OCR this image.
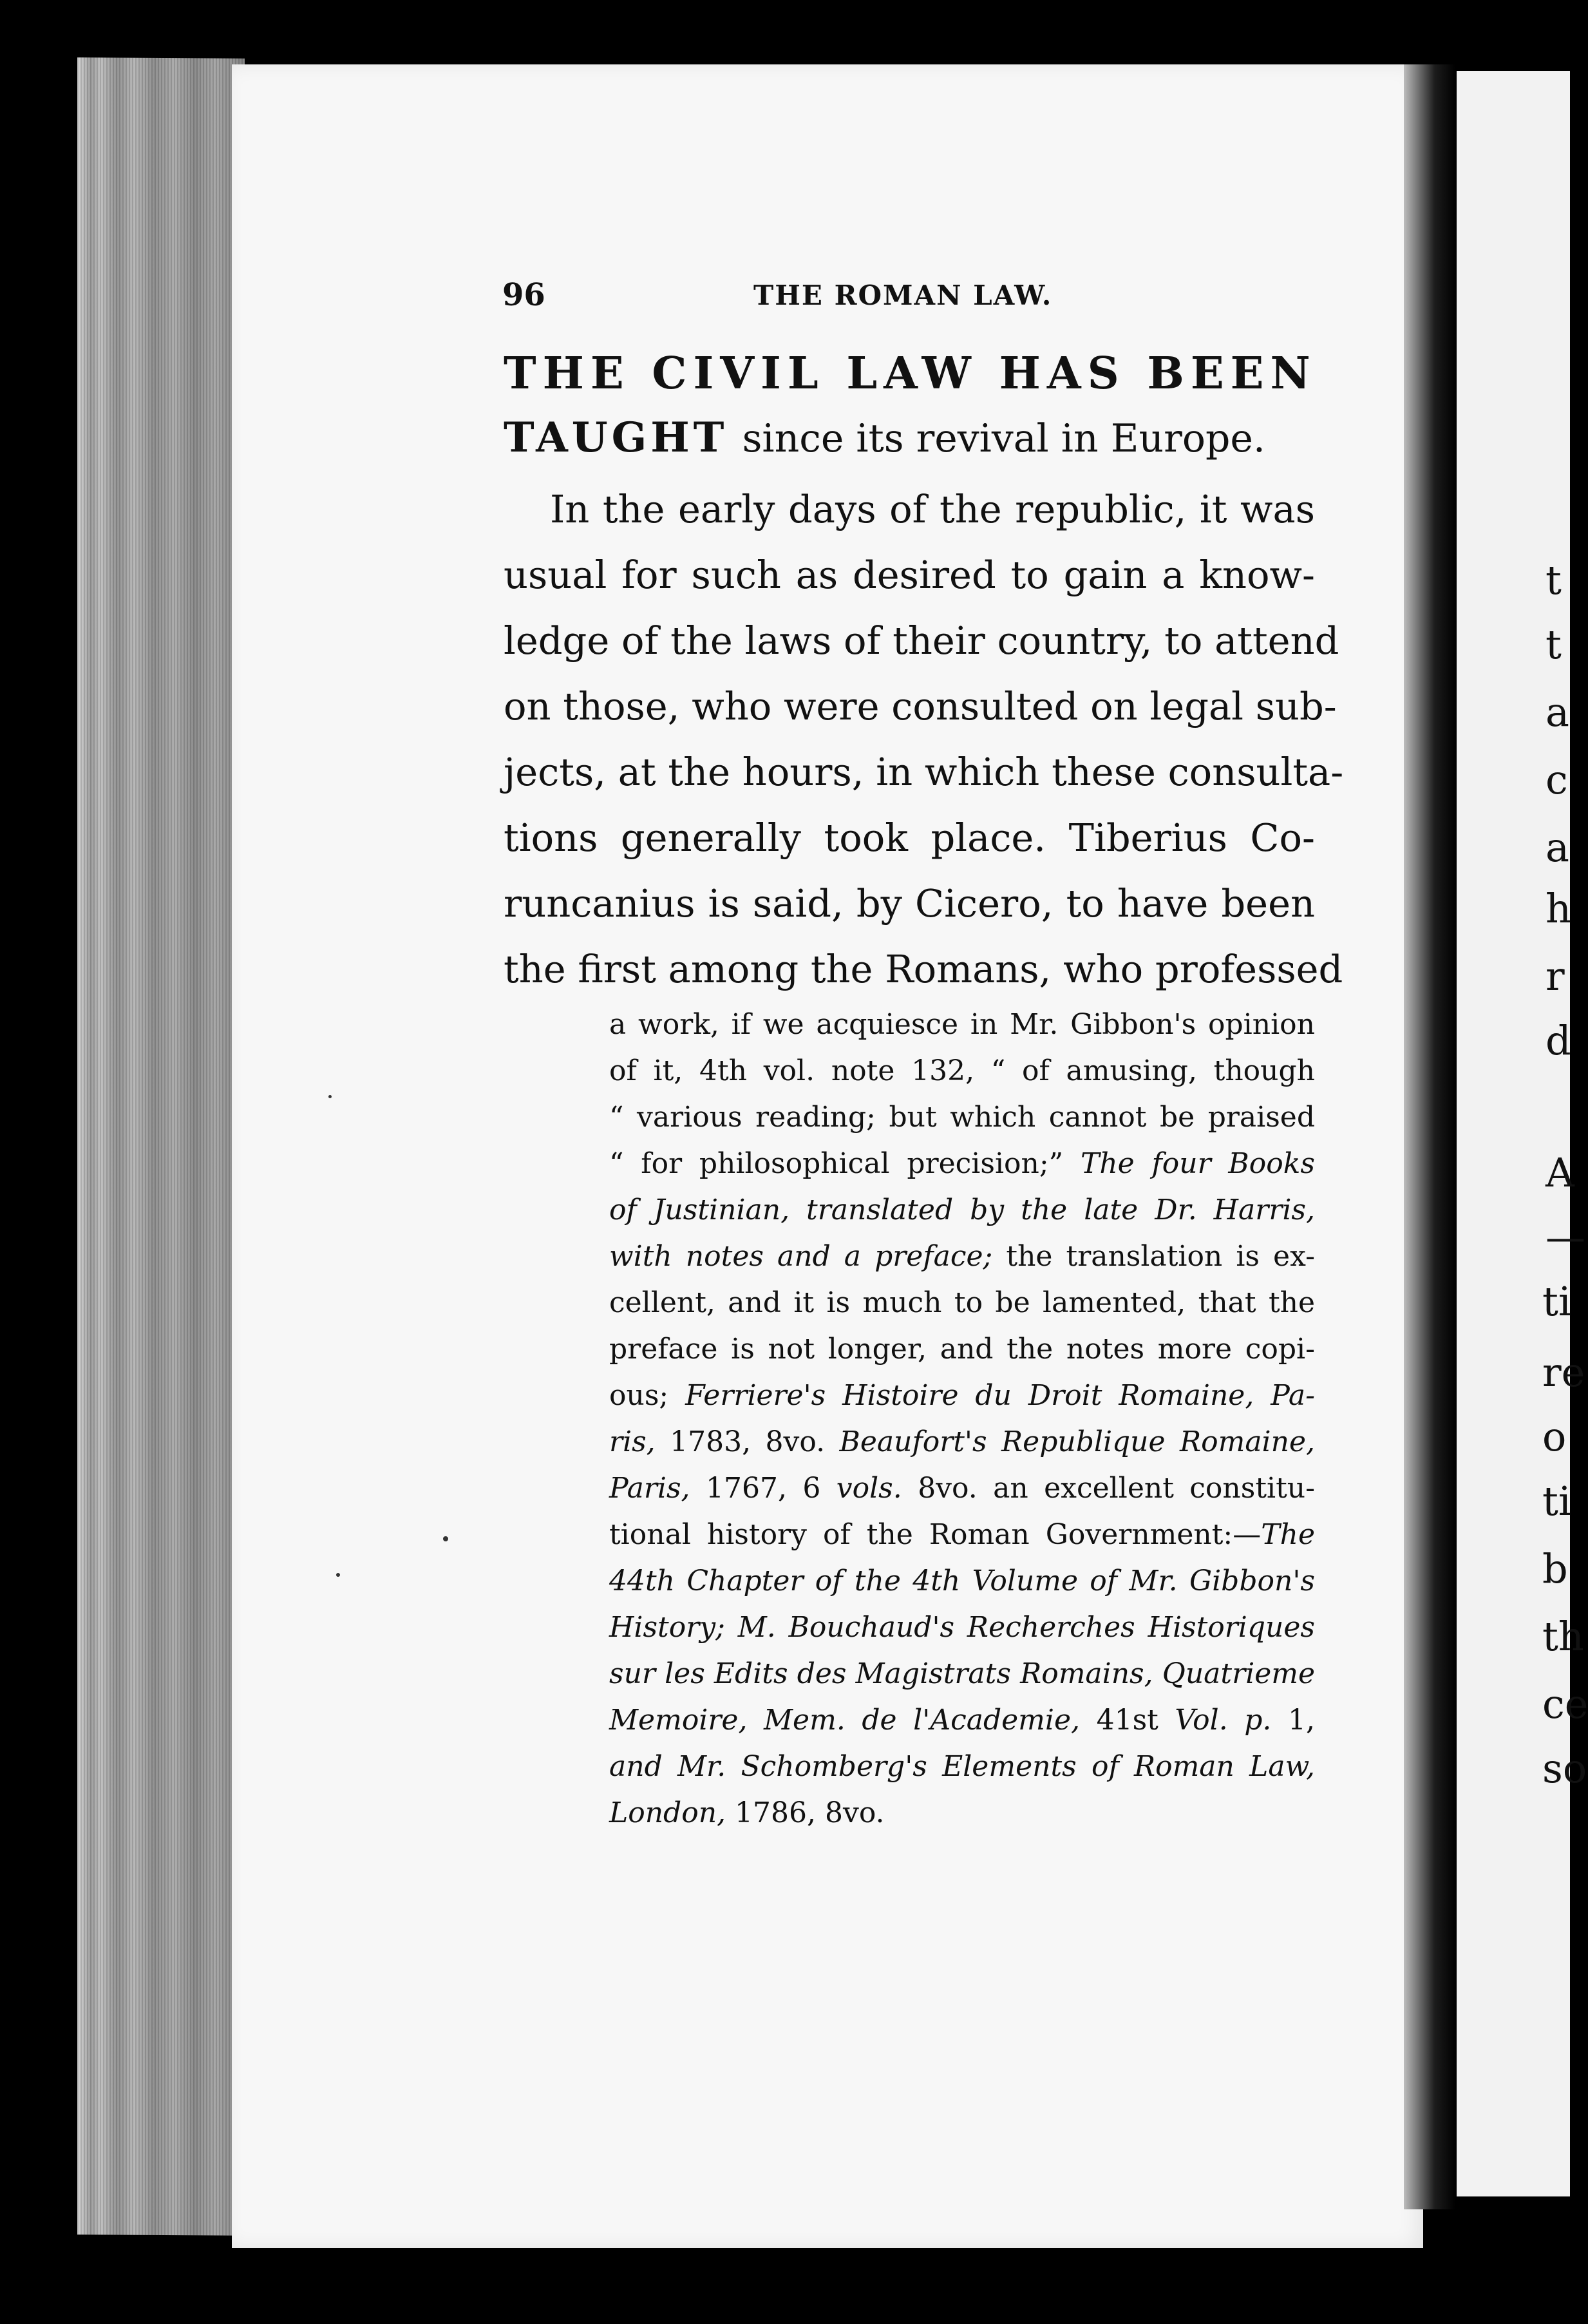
t
t
a
c
a
h
r
d
A
—
ti
re
o
ti
b
th
ce
so
96	THE ROMAN LAW.
THE CIVIL LAW HAS BEEN
TAUGHT since its revival in Europe.
In the early days of the republic, it was
usual for such as desired to gain a know-
ledge of the laws of their country, to attend
on those, who were consulted on legal sub-
jects, at the hours, in which these consulta-
tions generally took place. Tiberius Co-
runcanius is said, by Cicero, to have been
the first among the Romans, who professed
a work, if we acquiesce in Mr. Gibbon's opinion
of it, 4th vol. note 132, “ of amusing, though
“ various reading; but which cannot be praised
“ for philosophical precision;” The four Books
of Justinian, translated by the late Dr. Harris,
with notes and a preface; the translation is ex-
cellent, and it is much to be lamented, that the
preface is not longer, and the notes more copi-
ous; Ferriere's Histoire du Droit Romaine, Pa-
ris, 1783, 8vo. Beaufort's Republique Romaine,
Paris, 1767, 6 vols. 8vo. an excellent constitu-
tional history of the Roman Government:—The
44th Chapter of the 4th Volume of Mr. Gibbon's
History; M. Bouchaud's Recherches Historiques
sur les Edits des Magistrats Romains, Quatrieme
Memoire, Mem. de l'Academie, 41st Vol. p. 1,
and Mr. Schomberg's Elements of Roman Law,
London, 1786, 8vo.
